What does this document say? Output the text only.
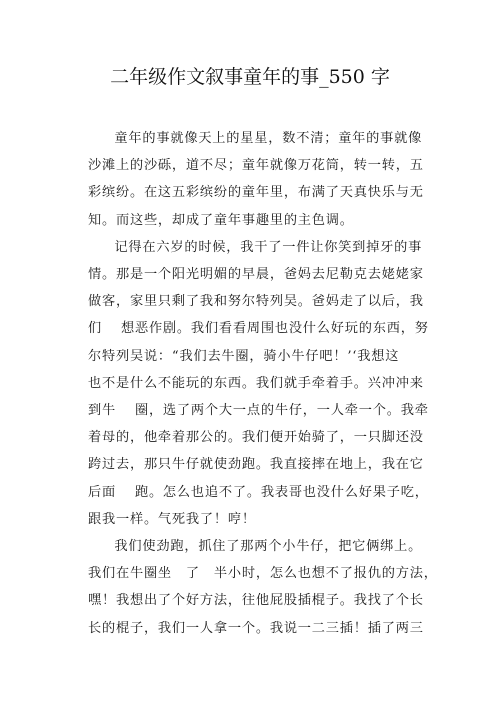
二年级作文叙事童年的事_550 字

童年的事就像天上的星星，数不清；童年的事就像
沙滩上的沙砾，道不尽；童年就像万花筒，转一转，五
彩缤纷。在这五彩缤纷的童年里，布满了天真快乐与无
知。而这些，却成了童年事趣里的主色调。

记得在六岁的时候，我干了一件让你笑到掉牙的事
情。那是一个阳光明媚的早晨，爸妈去尼勒克去姥姥家
做客，家里只剩了我和努尔特列吴。爸妈走了以后，我
们　 想恶作剧。我们看看周围也没什么好玩的东西，努
尔特列吴说：“我们去牛圈，骑小牛仔吧！’‘我想这
也不是什么不能玩的东西。我们就手牵着手。兴冲冲来
到牛　 圈，选了两个大一点的牛仔，一人牵一个。我牵
着母的，他牵着那公的。我们便开始骑了，一只脚还没
跨过去，那只牛仔就使劲跑。我直接摔在地上，我在它
后面　 跑。怎么也追不了。我表哥也没什么好果子吃，
跟我一样。气死我了！哼！

我们使劲跑，抓住了那两个小牛仔，把它俩绑上。
我们在牛圈坐　了　半小时，怎么也想不了报仇的方法，
嘿！我想出了个好方法，往他屁股插棍子。我找了个长
长的棍子，我们一人拿一个。我说一二三插！插了两三
